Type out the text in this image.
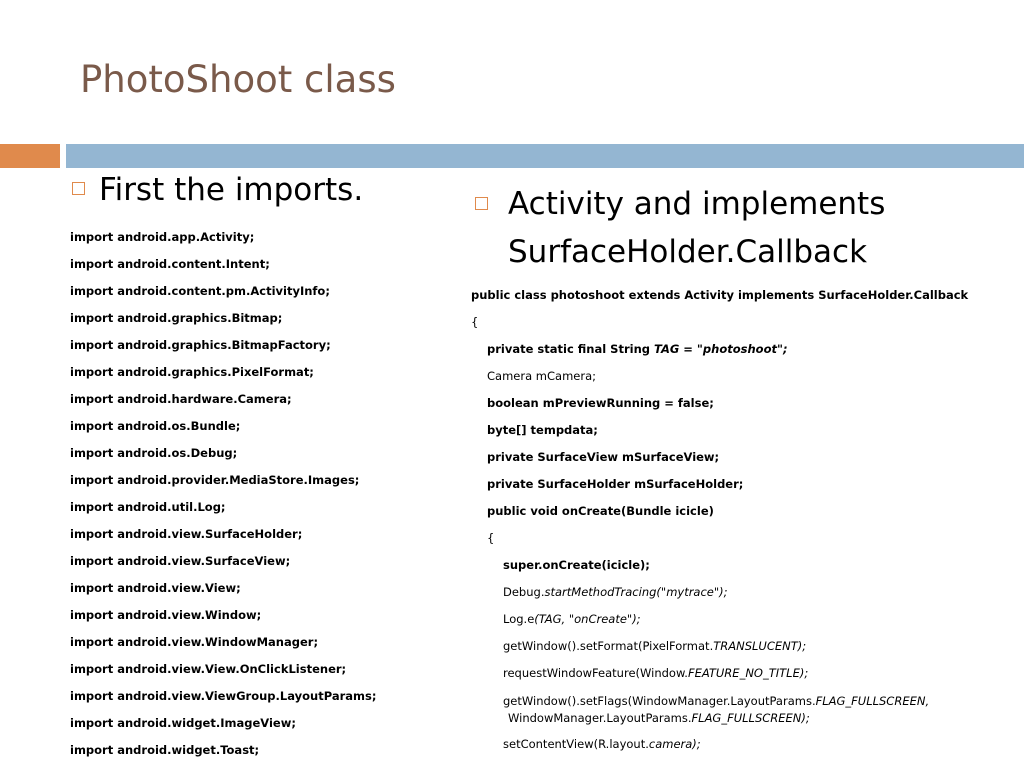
PhotoShoot class
First the imports.
import android.app.Activity;
import android.content.Intent;
import android.content.pm.ActivityInfo;
import android.graphics.Bitmap;
import android.graphics.BitmapFactory;
import android.graphics.PixelFormat;
import android.hardware.Camera;
import android.os.Bundle;
import android.os.Debug;
import android.provider.MediaStore.Images;
import android.util.Log;
import android.view.SurfaceHolder;
import android.view.SurfaceView;
import android.view.View;
import android.view.Window;
import android.view.WindowManager;
import android.view.View.OnClickListener;
import android.view.ViewGroup.LayoutParams;
import android.widget.ImageView;
import android.widget.Toast;
Activity and implements
SurfaceHolder.Callback
public class photoshoot extends Activity implements SurfaceHolder.Callback
{
private static final String TAG = "photoshoot";
Camera mCamera;
boolean mPreviewRunning = false;
byte[] tempdata;
private SurfaceView mSurfaceView;
private SurfaceHolder mSurfaceHolder;
public void onCreate(Bundle icicle)
{
super.onCreate(icicle);
Debug.startMethodTracing("mytrace");
Log.e(TAG, "onCreate");
getWindow().setFormat(PixelFormat.TRANSLUCENT);
requestWindowFeature(Window.FEATURE_NO_TITLE);
getWindow().setFlags(WindowManager.LayoutParams.FLAG_FULLSCREEN,
WindowManager.LayoutParams.FLAG_FULLSCREEN);
setContentView(R.layout.camera);
